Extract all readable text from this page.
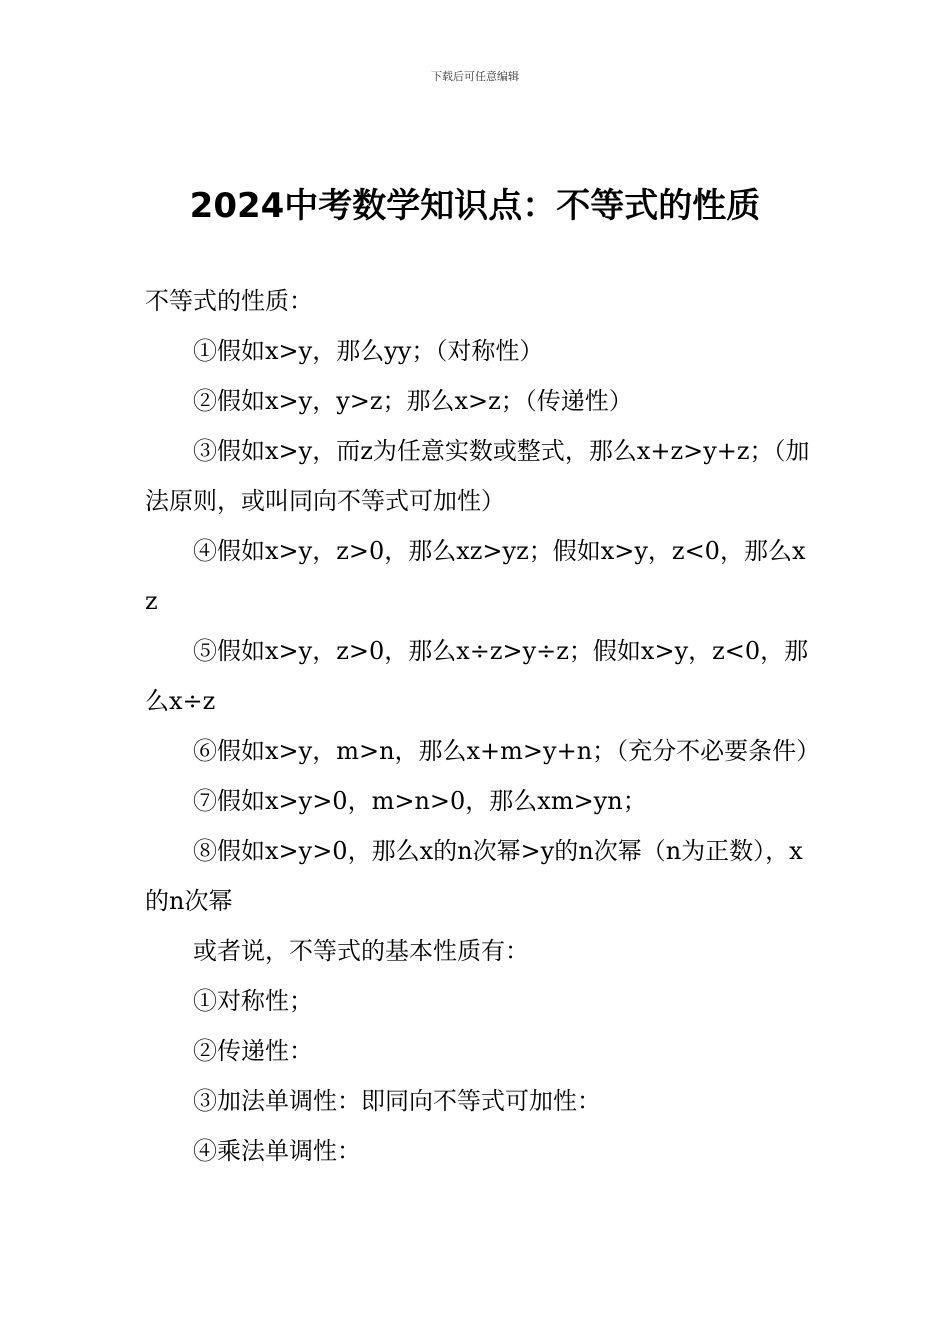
下载后可任意编辑
2024中考数学知识点：不等式的性质

不等式的性质：

①假如x>y，那么yy；（对称性）

②假如x>y，y>z；那么x>z；（传递性）

③假如x>y，而z为任意实数或整式，那么x+z>y+z；（加法原则，或叫同向不等式可加性）

④假如x>y，z>0，那么xz>yz；假如x>y，z<0，那么xz

⑤假如x>y，z>0，那么x÷z>y÷z；假如x>y，z<0，那么x÷z

⑥假如x>y，m>n，那么x+m>y+n；（充分不必要条件）

⑦假如x>y>0，m>n>0，那么xm>yn；

⑧假如x>y>0，那么x的n次幂>y的n次幂（n为正数），x的n次幂

或者说，不等式的基本性质有：

①对称性；

②传递性：

③加法单调性：即同向不等式可加性：

④乘法单调性：
